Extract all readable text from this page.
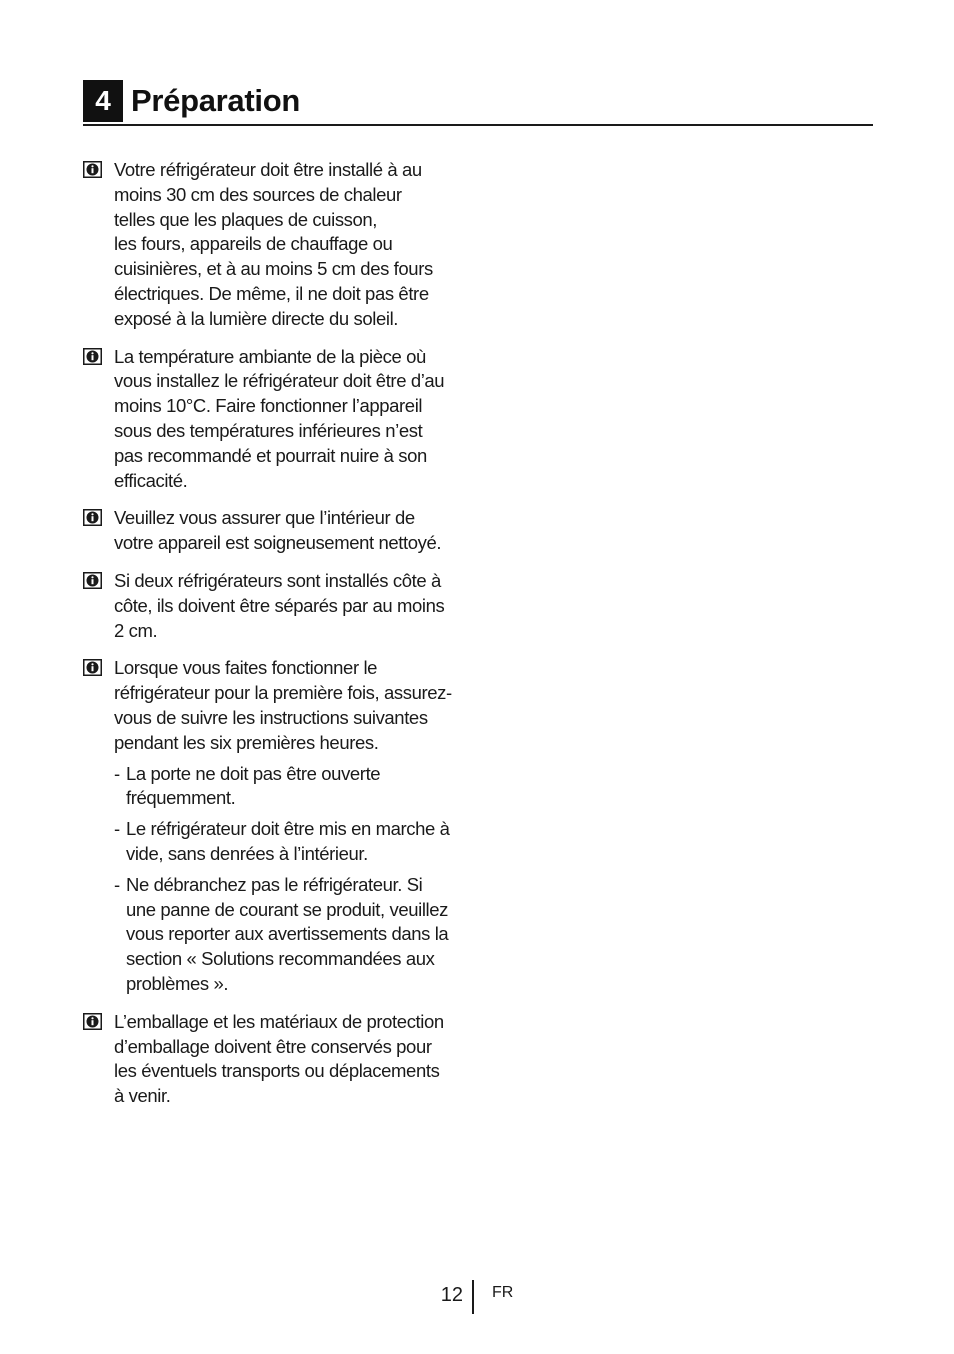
4 Préparation
Votre réfrigérateur doit être installé à au
moins 30 cm des sources de chaleur
telles que les plaques de cuisson,
les fours, appareils de chauffage ou
cuisinières, et à au moins 5 cm des fours
électriques. De même, il ne doit pas être
exposé à la lumière directe du soleil.
La température ambiante de la pièce où
vous installez le réfrigérateur doit être d’au
moins 10°C. Faire fonctionner l’appareil
sous des températures inférieures n’est
pas recommandé et pourrait nuire à son
efficacité.
Veuillez vous assurer que l’intérieur de
votre appareil est soigneusement nettoyé.
Si deux réfrigérateurs sont installés côte à
côte, ils doivent être séparés par au moins
2 cm.
Lorsque vous faites fonctionner le
réfrigérateur pour la première fois, assurez-
vous de suivre les instructions suivantes
pendant les six premières heures.
- La porte ne doit pas être ouverte
fréquemment.
- Le réfrigérateur doit être mis en marche à
vide, sans denrées à l’intérieur.
- Ne débranchez pas le réfrigérateur. Si
une panne de courant se produit, veuillez
vous reporter aux avertissements dans la
section « Solutions recommandées aux
problèmes ».
L’emballage et les matériaux de protection
d’emballage doivent être conservés pour
les éventuels transports ou déplacements
à venir.
12 FR
